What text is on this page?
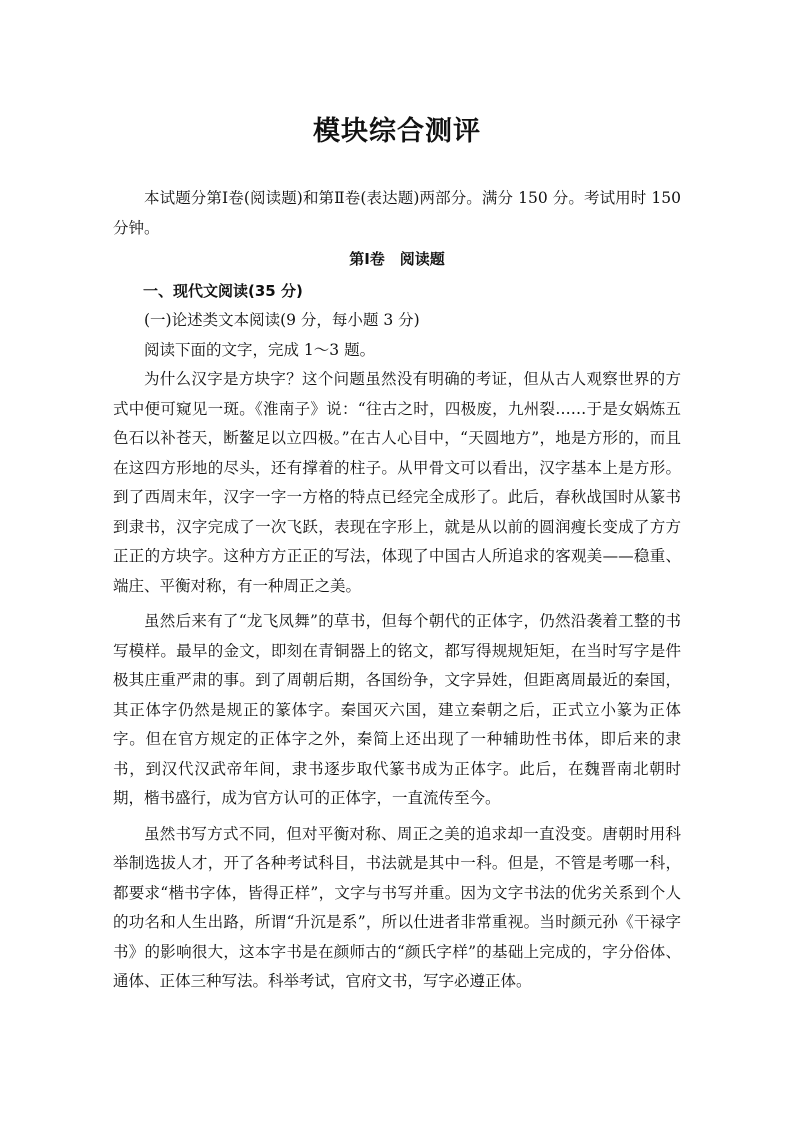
模块综合测评

本试题分第Ⅰ卷(阅读题)和第Ⅱ卷(表达题)两部分。满分 150 分。考试用时 150 分钟。

第Ⅰ卷　阅读题

一、现代文阅读(35 分)

(一)论述类文本阅读(9 分，每小题 3 分)

阅读下面的文字，完成 1～3 题。

为什么汉字是方块字？这个问题虽然没有明确的考证，但从古人观察世界的方式中便可窥见一斑。《淮南子》说：“往古之时，四极废，九州裂……于是女娲炼五色石以补苍天，断鳌足以立四极。”在古人心目中，“天圆地方”，地是方形的，而且在这四方形地的尽头，还有撑着的柱子。从甲骨文可以看出，汉字基本上是方形。到了西周末年，汉字一字一方格的特点已经完全成形了。此后，春秋战国时从篆书到隶书，汉字完成了一次飞跃，表现在字形上，就是从以前的圆润瘦长变成了方方正正的方块字。这种方方正正的写法，体现了中国古人所追求的客观美——稳重、端庄、平衡对称，有一种周正之美。

虽然后来有了“龙飞凤舞”的草书，但每个朝代的正体字，仍然沿袭着工整的书写模样。最早的金文，即刻在青铜器上的铭文，都写得规规矩矩，在当时写字是件极其庄重严肃的事。到了周朝后期，各国纷争，文字异姓，但距离周最近的秦国，其正体字仍然是规正的篆体字。秦国灭六国，建立秦朝之后，正式立小篆为正体字。但在官方规定的正体字之外，秦简上还出现了一种辅助性书体，即后来的隶书，到汉代汉武帝年间，隶书逐步取代篆书成为正体字。此后，在魏晋南北朝时期，楷书盛行，成为官方认可的正体字，一直流传至今。

虽然书写方式不同，但对平衡对称、周正之美的追求却一直没变。唐朝时用科举制选拔人才，开了各种考试科目，书法就是其中一科。但是，不管是考哪一科，都要求“楷书字体，皆得正样”，文字与书写并重。因为文字书法的优劣关系到个人的功名和人生出路，所谓“升沉是系”，所以仕进者非常重视。当时颜元孙《干禄字书》的影响很大，这本字书是在颜师古的“颜氏字样”的基础上完成的，字分俗体、通体、正体三种写法。科举考试，官府文书，写字必遵正体。
